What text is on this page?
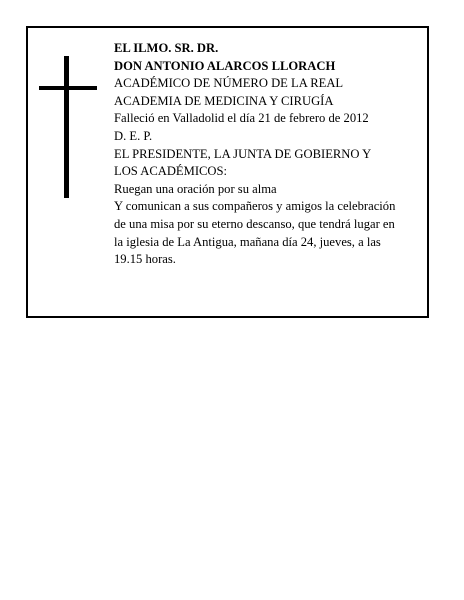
EL ILMO. SR. DR.
DON ANTONIO ALARCOS LLORACH
ACADÉMICO DE NÚMERO DE LA REAL
ACADEMIA DE MEDICINA Y CIRUGÍA
Falleció en Valladolid el día 21 de febrero de 2012
D. E. P.
EL PRESIDENTE, LA JUNTA DE GOBIERNO Y
LOS ACADÉMICOS:
Ruegan una oración por su alma
Y comunican a sus compañeros y amigos la celebración
de una misa por su eterno descanso, que tendrá lugar en
la iglesia de La Antigua, mañana día 24, jueves, a las
19.15 horas.
